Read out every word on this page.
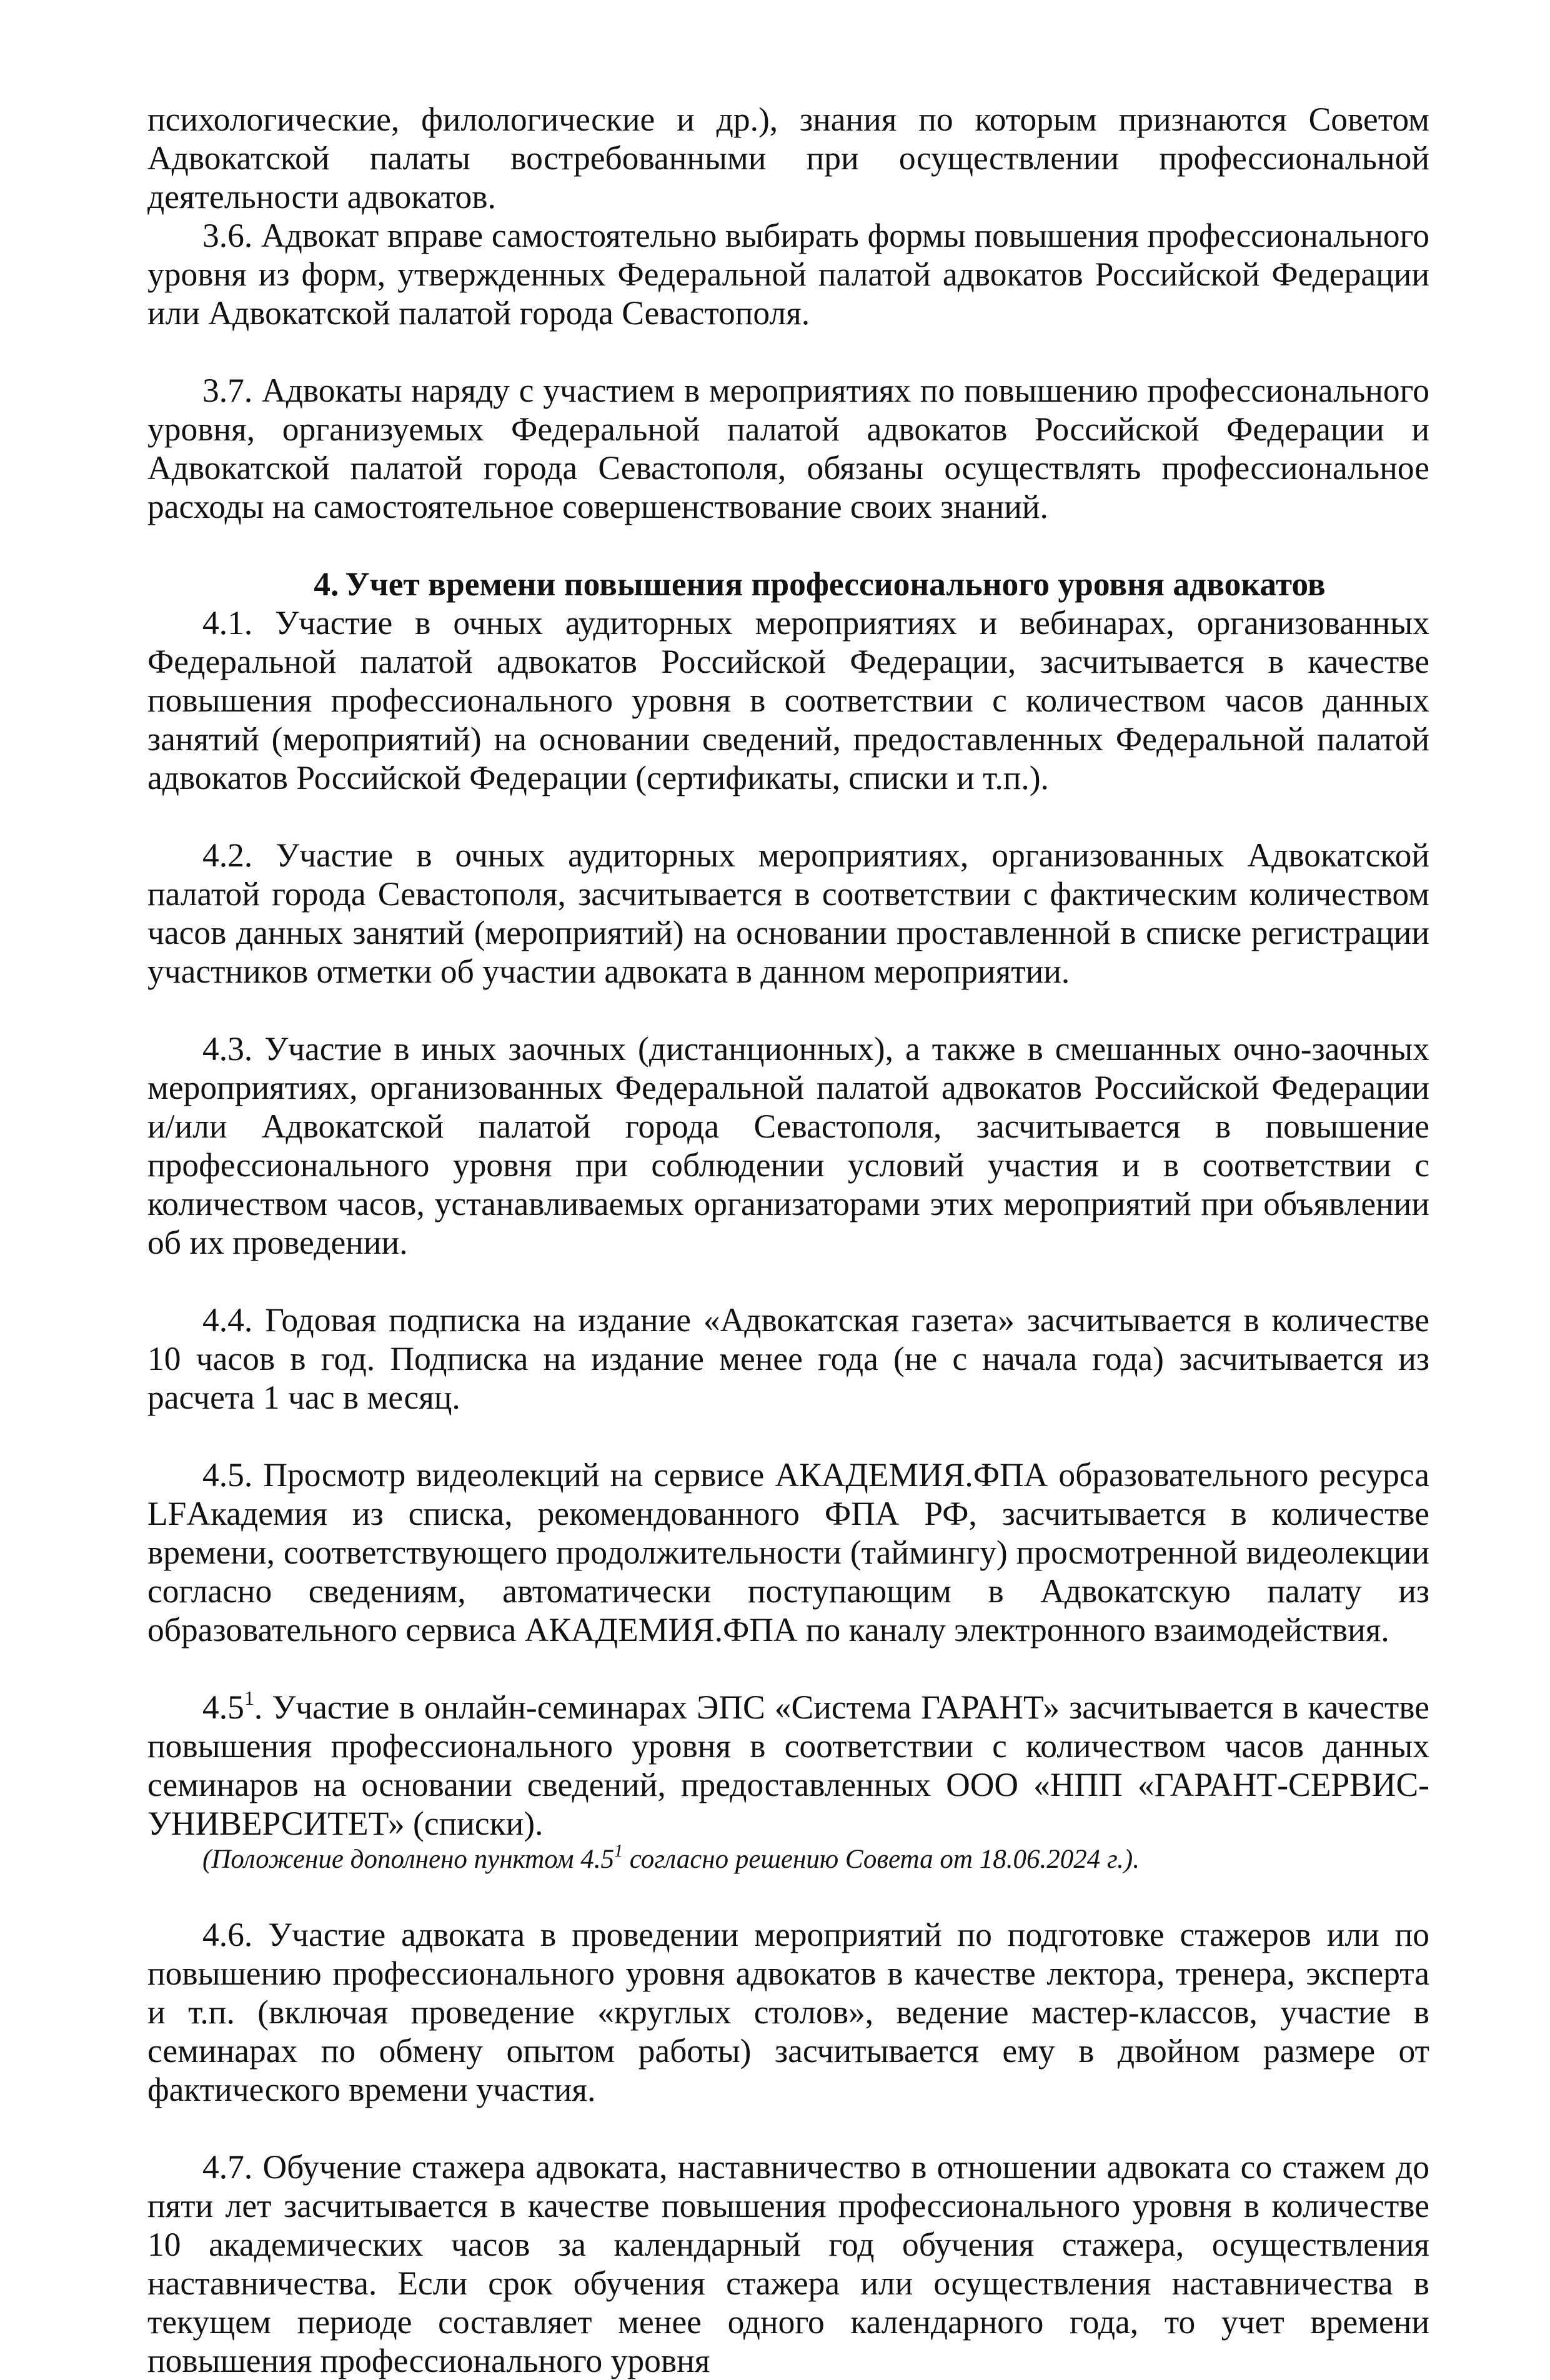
психологические, филологические и др.), знания по которым признаются Советом Адвокатской палаты востребованными при осуществлении профессиональной деятельности адвокатов.

3.6. Адвокат вправе самостоятельно выбирать формы повышения профессионального уровня из форм, утвержденных Федеральной палатой адвокатов Российской Федерации или Адвокатской палатой города Севастополя.

3.7. Адвокаты наряду с участием в мероприятиях по повышению профессионального уровня, организуемых Федеральной палатой адвокатов Российской Федерации и Адвокатской палатой города Севастополя, обязаны осуществлять профессиональное расходы на самостоятельное совершенствование своих знаний.

4. Учет времени повышения профессионального уровня адвокатов

4.1. Участие в очных аудиторных мероприятиях и вебинарах, организованных Федеральной палатой адвокатов Российской Федерации, засчитывается в качестве повышения профессионального уровня в соответствии с количеством часов данных занятий (мероприятий) на основании сведений, предоставленных Федеральной палатой адвокатов Российской Федерации (сертификаты, списки и т.п.).

4.2. Участие в очных аудиторных мероприятиях, организованных Адвокатской палатой города Севастополя, засчитывается в соответствии с фактическим количеством часов данных занятий (мероприятий) на основании проставленной в списке регистрации участников отметки об участии адвоката в данном мероприятии.

4.3. Участие в иных заочных (дистанционных), а также в смешанных очно-заочных мероприятиях, организованных Федеральной палатой адвокатов Российской Федерации и/или Адвокатской палатой города Севастополя, засчитывается в повышение профессионального уровня при соблюдении условий участия и в соответствии с количеством часов, устанавливаемых организаторами этих мероприятий при объявлении об их проведении.

4.4. Годовая подписка на издание «Адвокатская газета» засчитывается в количестве 10 часов в год. Подписка на издание менее года (не с начала года) засчитывается из расчета 1 час в месяц.

4.5. Просмотр видеолекций на сервисе АКАДЕМИЯ.ФПА образовательного ресурса LFАкадемия из списка, рекомендованного ФПА РФ, засчитывается в количестве времени, соответствующего продолжительности (таймингу) просмотренной видеолекции согласно сведениям, автоматически поступающим в Адвокатскую палату из образовательного сервиса АКАДЕМИЯ.ФПА по каналу электронного взаимодействия.

$4.5^1$. Участие в онлайн-семинарах ЭПС «Система ГАРАНТ» засчитывается в качестве повышения профессионального уровня в соответствии с количеством часов данных семинаров на основании сведений, предоставленных ООО «НПП «ГАРАНТ-СЕРВИС-УНИВЕРСИТЕТ» (списки).

(Положение дополнено пунктом $4.5^1$ согласно решению Совета от 18.06.2024 г.).

4.6. Участие адвоката в проведении мероприятий по подготовке стажеров или по повышению профессионального уровня адвокатов в качестве лектора, тренера, эксперта и т.п. (включая проведение «круглых столов», ведение мастер-классов, участие в семинарах по обмену опытом работы) засчитывается ему в двойном размере от фактического времени участия.

4.7. Обучение стажера адвоката, наставничество в отношении адвоката со стажем до пяти лет засчитывается в качестве повышения профессионального уровня в количестве 10 академических часов за календарный год обучения стажера, осуществления наставничества. Если срок обучения стажера или осуществления наставничества в текущем периоде составляет менее одного календарного года, то учет времени повышения профессионального уровня
